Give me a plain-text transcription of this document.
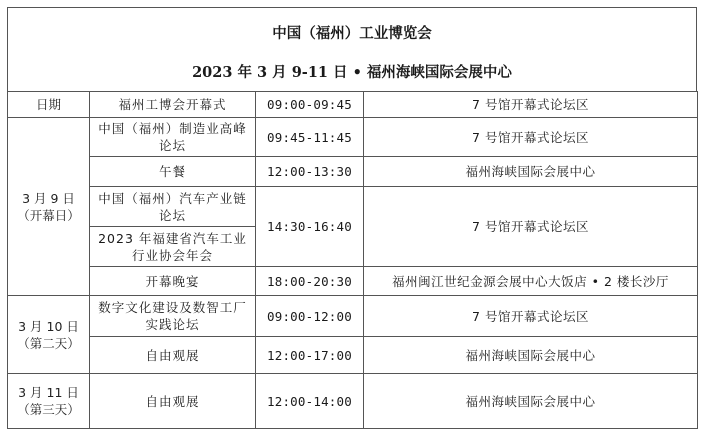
中国（福州）工业博览会
2023 年 3 月 9-11 日 • 福州海峡国际会展中心
日期	福州工博会开幕式	09:00-09:45	7 号馆开幕式论坛区

3 月 9 日
（开幕日）	中国（福州）制造业高峰论坛	09:45-11:45	7 号馆开幕式论坛区
	午餐	12:00-13:30	福州海峡国际会展中心
	中国（福州）汽车产业链论坛	14:30-16:40	7 号馆开幕式论坛区
	2023 年福建省汽车工业行业协会年会		
	开幕晚宴	18:00-20:30	福州闽江世纪金源会展中心大饭店 • 2 楼长沙厅

3 月 10 日
（第二天）	数字文化建设及数智工厂实践论坛	09:00-12:00	7 号馆开幕式论坛区
	自由观展	12:00-17:00	福州海峡国际会展中心

3 月 11 日
（第三天）	自由观展	12:00-14:00	福州海峡国际会展中心
